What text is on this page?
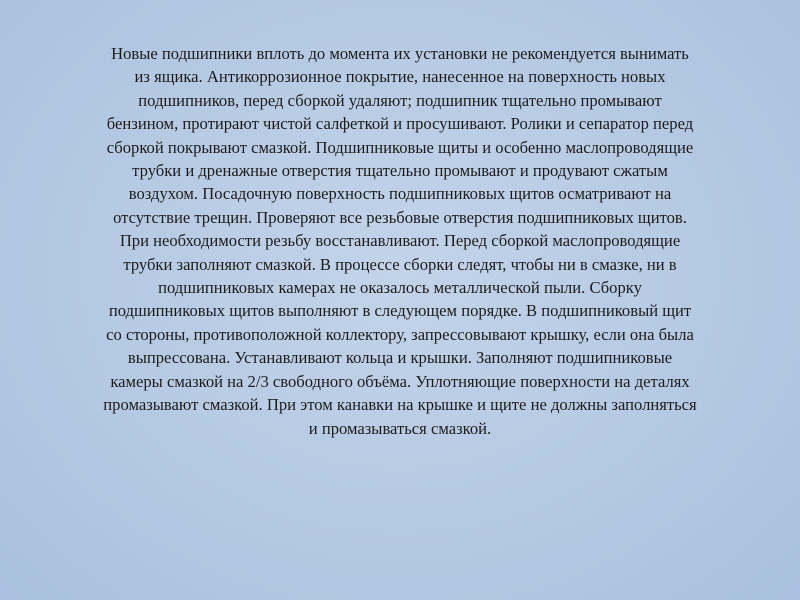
Новые подшипники вплоть до момента их установки не рекомендуется вынимать
из ящика. Антикоррозионное покрытие, нанесенное на поверхность новых
подшипников, перед сборкой удаляют; подшипник тщательно промывают
бензином, протирают чистой салфеткой и просушивают. Ролики и сепаратор перед
сборкой покрывают смазкой. Подшипниковые щиты и особенно маслопроводящие
трубки и дренажные отверстия тщательно промывают и продувают сжатым
воздухом. Посадочную поверхность подшипниковых щитов осматривают на
отсутствие трещин. Проверяют все резьбовые отверстия подшипниковых щитов.
При необходимости резьбу восстанавливают. Перед сборкой маслопроводящие
трубки заполняют смазкой. В процессе сборки следят, чтобы ни в смазке, ни в
подшипниковых камерах не оказалось металлической пыли. Сборку
подшипниковых щитов выполняют в следующем порядке. В подшипниковый щит
со стороны, противоположной коллектору, запрессовывают крышку, если она была
выпрессована. Устанавливают кольца и крышки. Заполняют подшипниковые
камеры смазкой на 2/3 свободного объёма. Уплотняющие поверхности на деталях
промазывают смазкой. При этом канавки на крышке и щите не должны заполняться
и промазываться смазкой.
